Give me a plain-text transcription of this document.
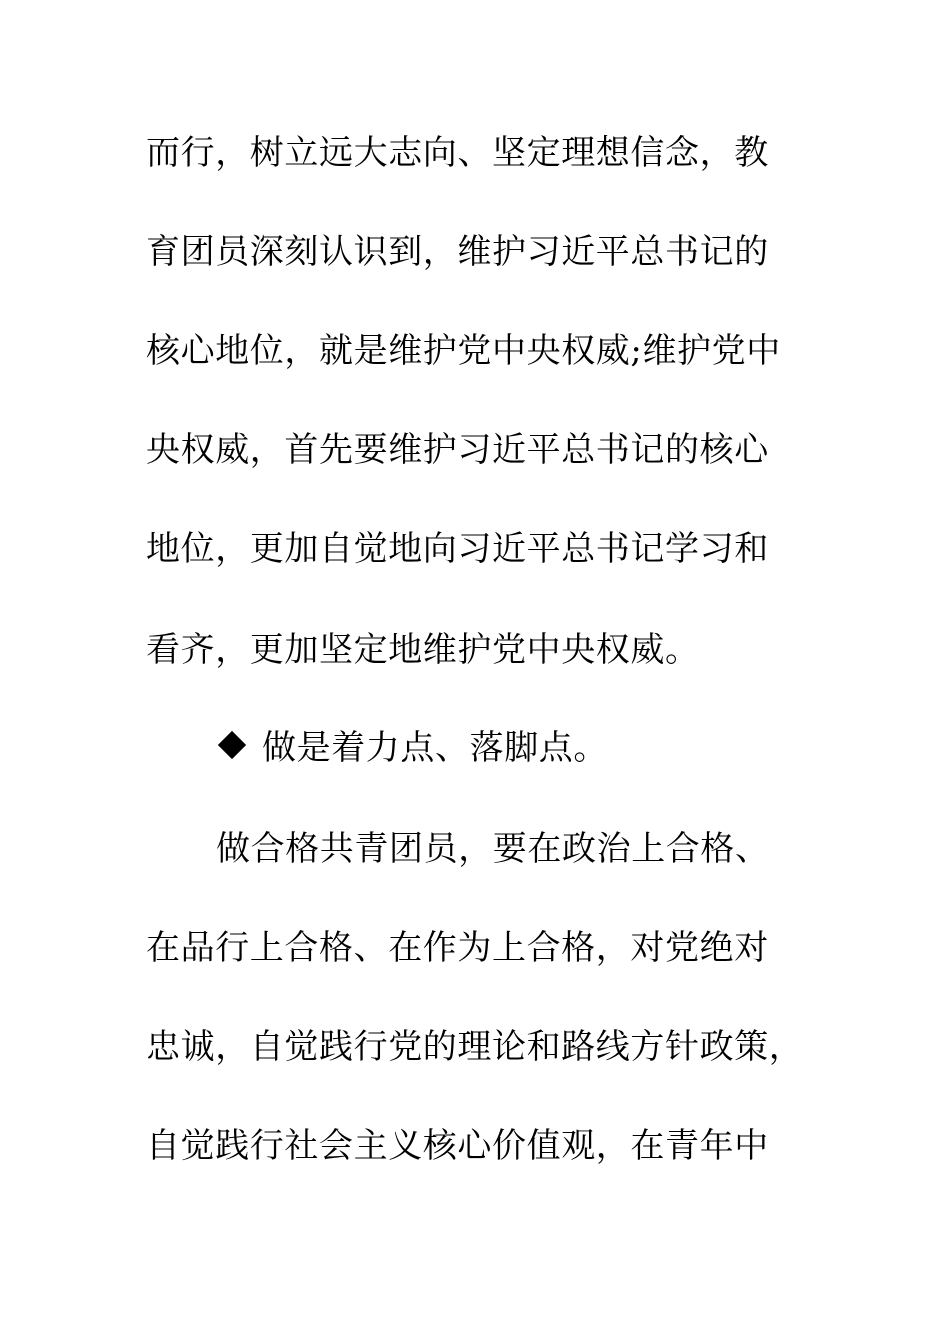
而行，树立远大志向、坚定理想信念，教
育团员深刻认识到，维护习近平总书记的
核心地位，就是维护党中央权威;维护党中
央权威，首先要维护习近平总书记的核心
地位，更加自觉地向习近平总书记学习和
看齐，更加坚定地维护党中央权威。
做是着力点、落脚点。
做合格共青团员，要在政治上合格、
在品行上合格、在作为上合格，对党绝对
忠诚，自觉践行党的理论和路线方针政策，
自觉践行社会主义核心价值观，在青年中
